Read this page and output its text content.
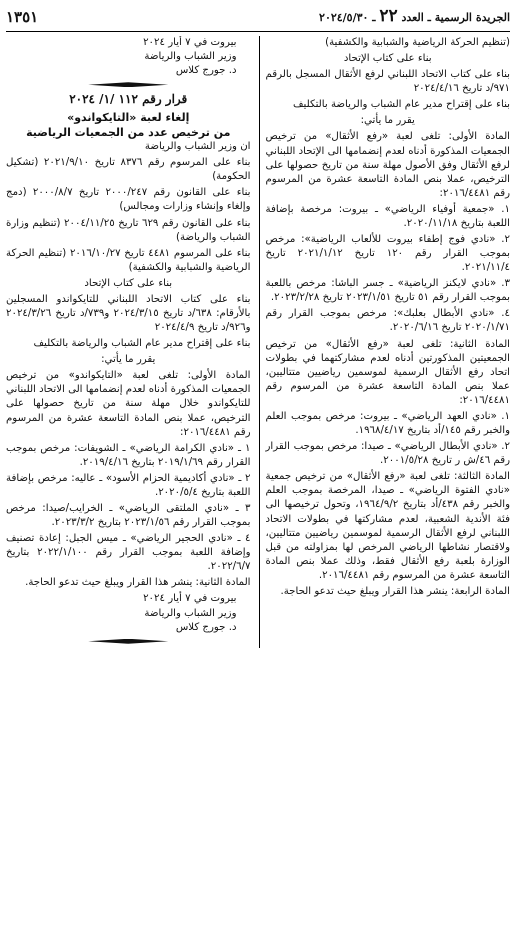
الجريدة الرسمية ـ العدد ٢٢ ـ ٢٠٢٤/٥/٣٠
١٣٥١

(تنظيم الحركة الرياضية والشبابية والكشفية)

بناء على كتاب الإتحاد

بناء على كتاب الاتحاد اللبناني لرفع الأثقال المسجل بالرقم ٩٧١/د تاريخ ٢٠٢٤/٤/١٦

بناء على إقتراح مدير عام الشباب والرياضة بالتكليف

يقرر ما يأتي:

المادة الأولى: تلغى لعبة «رفع الأثقال» من ترخيص الجمعيات المذكورة أدناه لعدم إنضمامها الى الإتحاد اللبناني لرفع الأثقال وفق الأصول مهلة سنة من تاريخ حصولها على الترخيص، عملا بنص المادة التاسعة عشرة من المرسوم رقم ٢٠١٦/٤٤٨١:

١. «جمعية أوفياء الرياضي» ـ بيروت: مرخصة بإضافة اللعبة بتاريخ ٢٠٢٠/١١/١٨.

٢. «نادي فوج إطفاء بيروت للألعاب الرياضية»: مرخص بموجب القرار رقم ١٢٠ تاريخ ٢٠٢١/١/١٢ تاريخ ٢٠٢١/١١/٤.

٣. «نادي لايكنز الرياضية» ـ جسر الباشا: مرخص باللعبة بموجب القرار رقم ٥١ تاريخ ٢٠٢٣/١/٥١ تاريخ ٢٠٢٣/٢/٢٨.

٤. «نادي الأبطال بعلبك»: مرخص بموجب القرار رقم ٢٠٢٠/١/٧١ تاريخ ٢٠٢٠/٦/١٦.

المادة الثانية: تلغى لعبة «رفع الأثقال» من ترخيص الجمعيتين المذكورتين أدناه لعدم مشاركتهما في بطولات اتحاد رفع الأثقال الرسمية لموسمين رياضيين متتاليين، عملا بنص المادة التاسعة عشرة من المرسوم رقم ٢٠١٦/٤٤٨١:

١. «نادي العهد الرياضي» ـ بيروت: مرخص بموجب العلم والخبر رقم ١٤٥/أد بتاريخ ١٩٦٨/٤/١٧.

٢. «نادي الأبطال الرياضي» ـ صيدا: مرخص بموجب القرار رقم ٤٦/ش ر تاريخ ٢٠٠١/٥/٢٨.

المادة الثالثة: تلغى لعبة «رفع الأثقال» من ترخيص جمعية «نادي الفتوة الرياضي» ـ صيدا، المرخصة بموجب العلم والخبر رقم ٤٣٨/أد بتاريخ ١٩٦٤/٩/٢، وتحول ترخيصها الى فئة الأندية الشعبية، لعدم مشاركتها في بطولات الاتحاد اللبناني لرفع الأثقال الرسمية لموسمين رياضيين متتاليين، ولاقتصار نشاطها الرياضي المرخص لها بمزاولته من قبل الوزارة بلعبة رفع الأثقال فقط، وذلك عملا بنص المادة التاسعة عشرة من المرسوم رقم ٢٠١٦/٤٤٨١.

المادة الرابعة: ينشر هذا القرار ويبلغ حيث تدعو الحاجة.

بيروت في ٧ أيار ٢٠٢٤

وزير الشباب والرياضة

د. جورج كلاس

قرار رقم ١١٢ /١/ ٢٠٢٤

إلغاء لعبة «التايكواندو»

من ترخيص عدد من الجمعيات الرياضية

ان وزير الشباب والرياضة

بناء على المرسوم رقم ٨٣٧٦ تاريخ ٢٠٢١/٩/١٠ (تشكيل الحكومة)

بناء على القانون رقم ٢٠٠٠/٢٤٧ تاريخ ٢٠٠٠/٨/٧ (دمج وإلغاء وإنشاء وزارات ومجالس)

بناء على القانون رقم ٦٢٩ تاريخ ٢٠٠٤/١١/٢٥ (تنظيم وزارة الشباب والرياضة)

بناء على المرسوم ٤٤٨١ تاريخ ٢٠١٦/١٠/٢٧ (تنظيم الحركة الرياضية والشبابية والكشفية)

بناء على كتاب الإتحاد

بناء على كتاب الاتحاد اللبناني للتايكواندو المسجلين بالأرقام: ٦٣٨/د تاريخ ٢٠٢٤/٣/١٥ و٧٣٩/د تاريخ ٢٠٢٤/٣/٢٦ و٩٢٦/د تاريخ ٢٠٢٤/٤/٩

بناء على إقتراح مدير عام الشباب والرياضة بالتكليف

يقرر ما يأتي:

المادة الأولى: تلغى لعبة «التايكواندو» من ترخيص الجمعيات المذكورة أدناه لعدم إنضمامها الى الاتحاد اللبناني للتايكواندو خلال مهلة سنة من تاريخ حصولها على الترخيص، عملا بنص المادة التاسعة عشرة من المرسوم رقم ٢٠١٦/٤٤٨١:

١ ـ «نادي الكرامة الرياضي» ـ الشويفات: مرخص بموجب القرار رقم ٢٠١٩/١/٦٩ بتاريخ ٢٠١٩/٤/١٦.

٢ ـ «نادي أكاديمية الحزام الأسود» ـ عاليه: مرخص بإضافة اللعبة بتاريخ ٢٠٢٠/٥/٤.

٣ ـ «نادي الملتقى الرياضي» ـ الخرايب/صيدا: مرخص بموجب القرار رقم ٢٠٢٣/١/٥٦ بتاريخ ٢٠٢٣/٣/٢.

٤ ـ «نادي الحجير الرياضي» ـ ميس الجبل: إعادة تصنيف وإضافة اللعبة بموجب القرار رقم ٢٠٢٢/١/١٠٠ بتاريخ ٢٠٢٢/٦/٧.

المادة الثانية: ينشر هذا القرار ويبلغ حيث تدعو الحاجة.

بيروت في ٧ أيار ٢٠٢٤

وزير الشباب والرياضة

د. جورج كلاس
